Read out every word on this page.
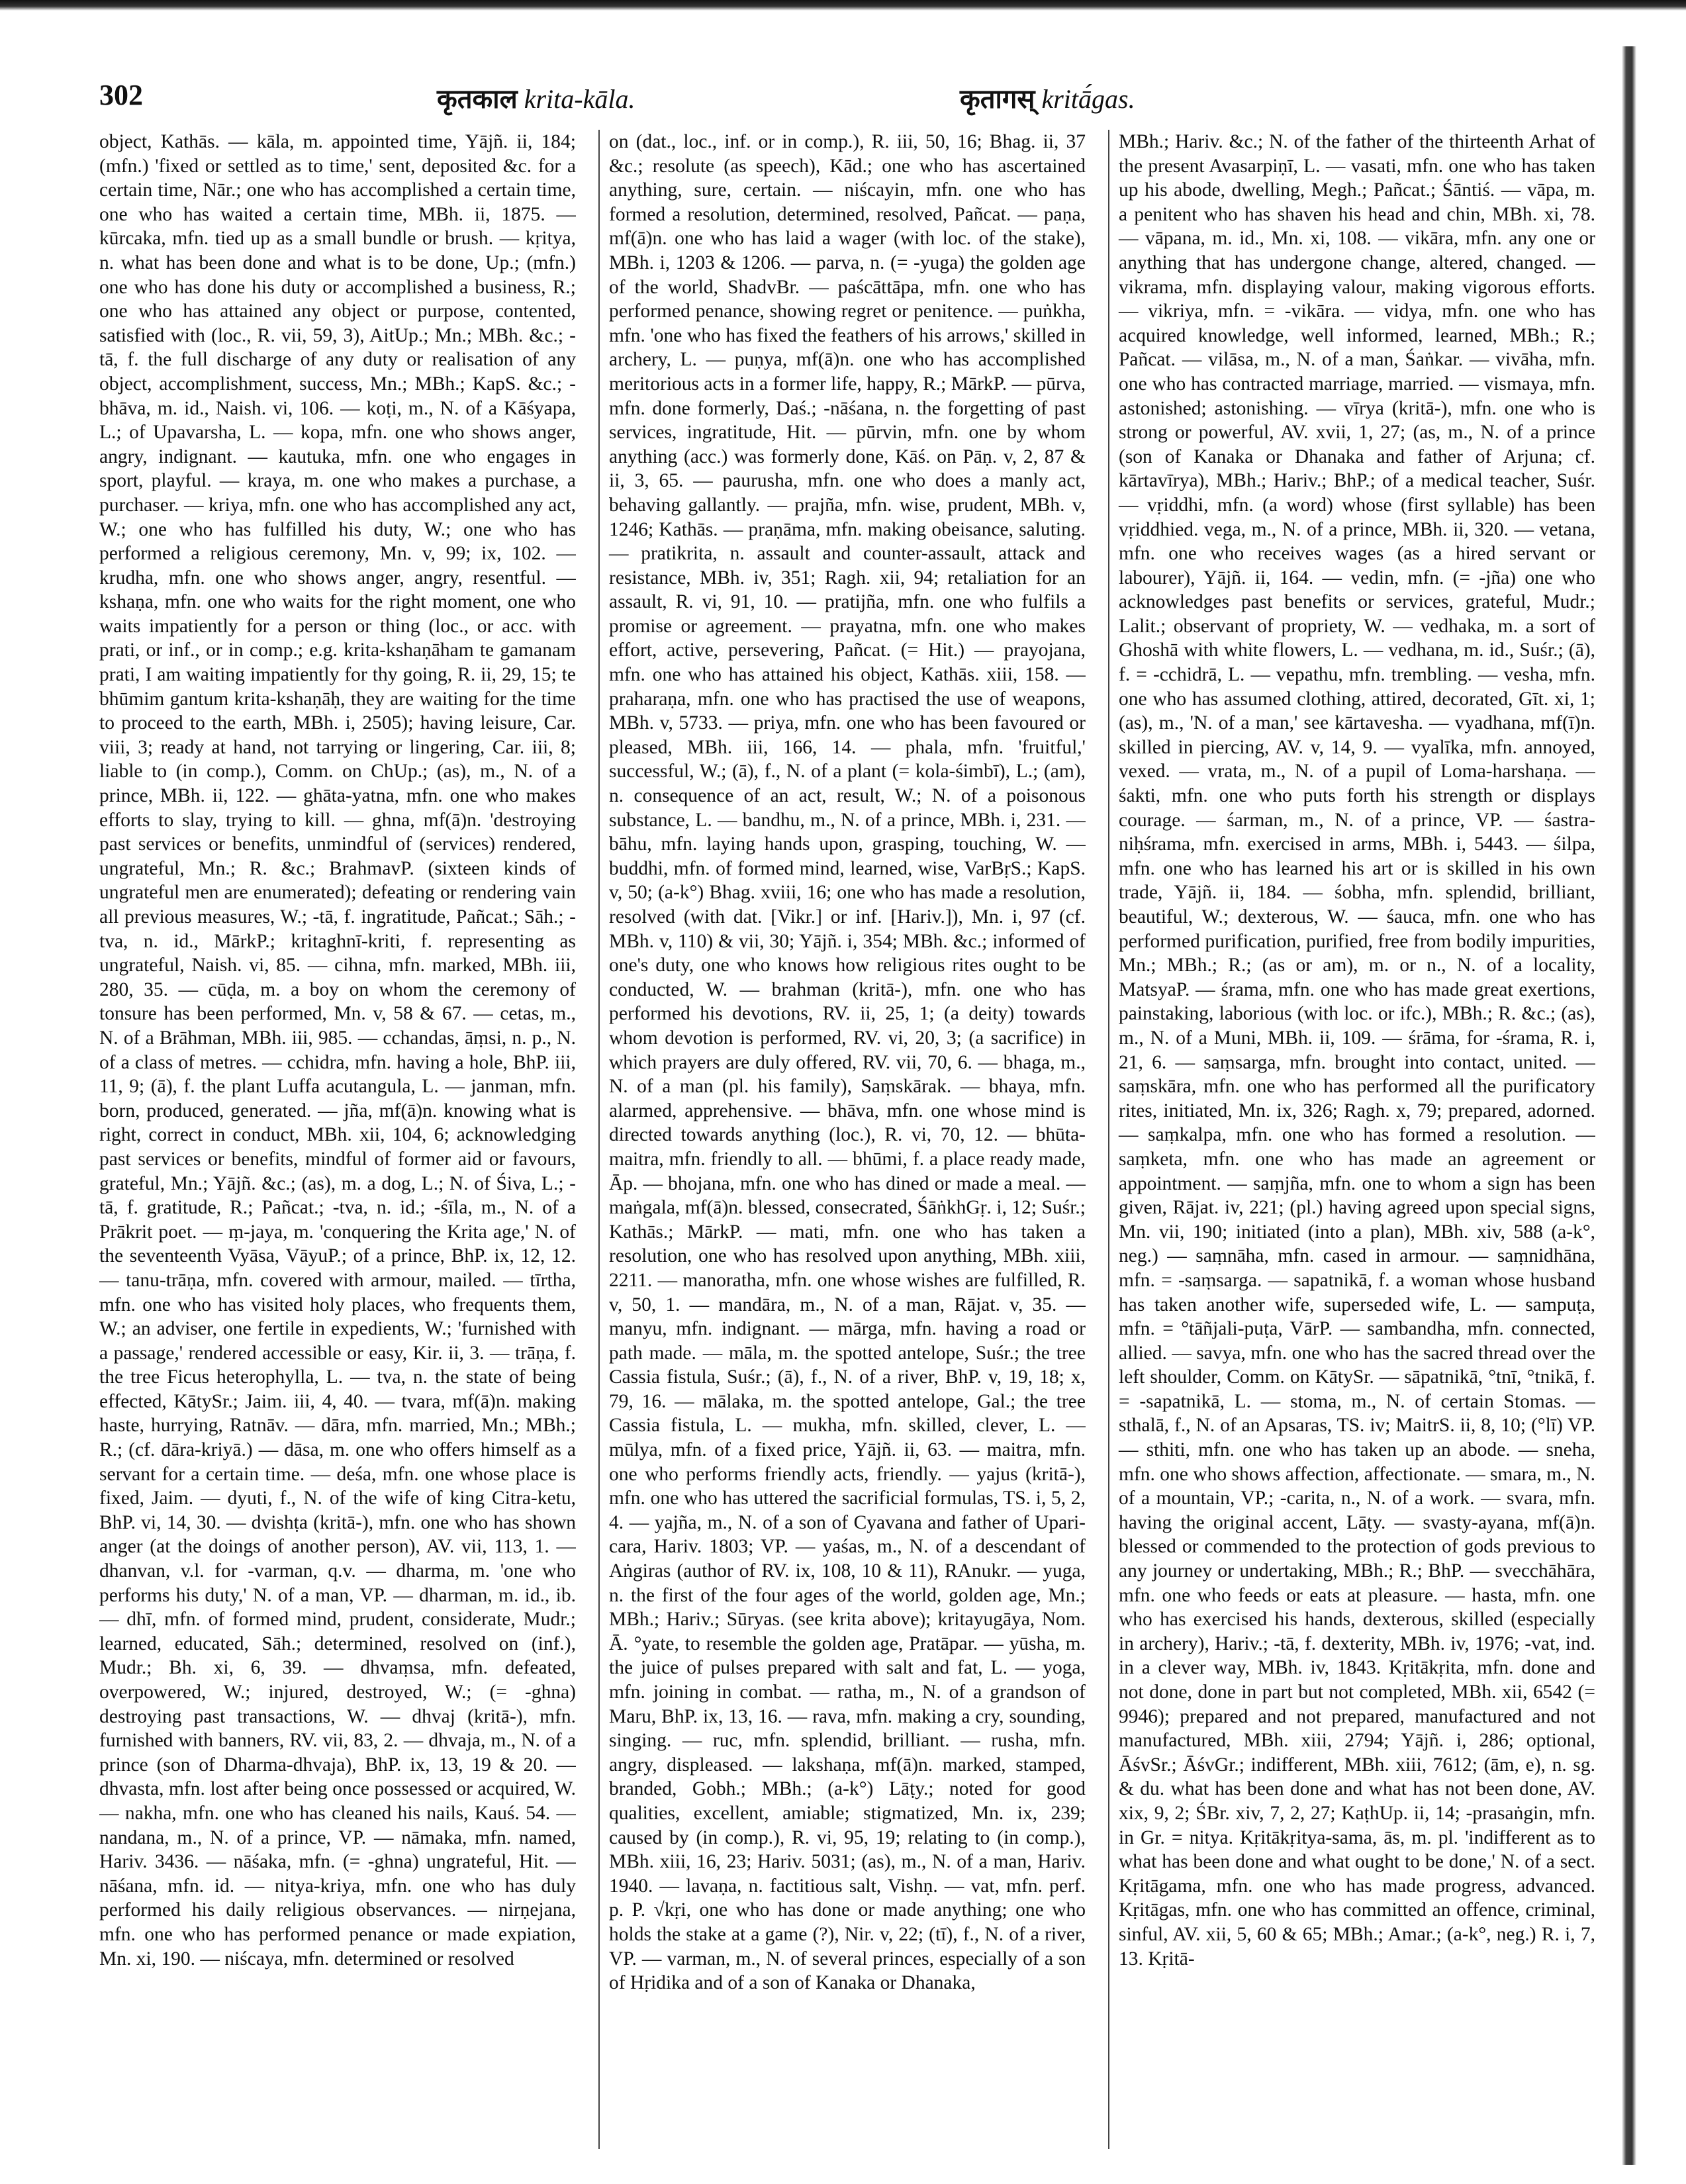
302	कृतकाल krita-kāla.	कृतागस् kritā́gas.

object, Kathās. — kāla, m. appointed time, Yājñ. ii, 184; (mfn.) 'fixed or settled as to time,' sent, deposited &c. for a certain time, Nār.; one who has accomplished a certain time, one who has waited a certain time, MBh. ii, 1875. — kūrcaka, mfn. tied up as a small bundle or brush. — kṛitya, n. what has been done and what is to be done, Up.; (mfn.) one who has done his duty or accomplished a business, R.; one who has attained any object or purpose, contented, satisfied with (loc., R. vii, 59, 3), AitUp.; Mn.; MBh. &c.; -tā, f. the full discharge of any duty or realisation of any object, accomplishment, success, Mn.; MBh.; KapS. &c.; -bhāva, m. id., Naish. vi, 106. — koṭi, m., N. of a Kāśyapa, L.; of Upavarsha, L. — kopa, mfn. one who shows anger, angry, indignant. — kautuka, mfn. one who engages in sport, playful. — kraya, m. one who makes a purchase, a purchaser. — kriya, mfn. one who has accomplished any act, W.; one who has fulfilled his duty, W.; one who has performed a religious ceremony, Mn. v, 99; ix, 102. — krudha, mfn. one who shows anger, angry, resentful. — kshaṇa, mfn. one who waits for the right moment, one who waits impatiently for a person or thing (loc., or acc. with prati, or inf., or in comp.; e.g. krita-kshaṇāham te gamanam prati, I am waiting impatiently for thy going, R. ii, 29, 15; te bhūmim gantum krita-kshaṇāḥ, they are waiting for the time to proceed to the earth, MBh. i, 2505); having leisure, Car. viii, 3; ready at hand, not tarrying or lingering, Car. iii, 8; liable to (in comp.), Comm. on ChUp.; (as), m., N. of a prince, MBh. ii, 122. — ghāta-yatna, mfn. one who makes efforts to slay, trying to kill. — ghna, mf(ā)n. 'destroying past services or benefits, unmindful of (services) rendered, ungrateful, Mn.; R. &c.; BrahmavP. (sixteen kinds of ungrateful men are enumerated); defeating or rendering vain all previous measures, W.; -tā, f. ingratitude, Pañcat.; Sāh.; -tva, n. id., MārkP.; kritaghnī-kriti, f. representing as ungrateful, Naish. vi, 85. — cihna, mfn. marked, MBh. iii, 280, 35. — cūḍa, m. a boy on whom the ceremony of tonsure has been performed, Mn. v, 58 & 67. — cetas, m., N. of a Brāhman, MBh. iii, 985. — cchandas, āṃsi, n. p., N. of a class of metres. — cchidra, mfn. having a hole, BhP. iii, 11, 9; (ā), f. the plant Luffa acutangula, L. — janman, mfn. born, produced, generated. — jña, mf(ā)n. knowing what is right, correct in conduct, MBh. xii, 104, 6; acknowledging past services or benefits, mindful of former aid or favours, grateful, Mn.; Yājñ. &c.; (as), m. a dog, L.; N. of Śiva, L.; -tā, f. gratitude, R.; Pañcat.; -tva, n. id.; -śīla, m., N. of a Prākrit poet. — ṃ-jaya, m. 'conquering the Krita age,' N. of the seventeenth Vyāsa, VāyuP.; of a prince, BhP. ix, 12, 12. — tanu-trāṇa, mfn. covered with armour, mailed. — tīrtha, mfn. one who has visited holy places, who frequents them, W.; an adviser, one fertile in expedients, W.; 'furnished with a passage,' rendered accessible or easy, Kir. ii, 3. — trāṇa, f. the tree Ficus heterophylla, L. — tva, n. the state of being effected, KātySr.; Jaim. iii, 4, 40. — tvara, mf(ā)n. making haste, hurrying, Ratnāv. — dāra, mfn. married, Mn.; MBh.; R.; (cf. dāra-kriyā.) — dāsa, m. one who offers himself as a servant for a certain time. — deśa, mfn. one whose place is fixed, Jaim. — dyuti, f., N. of the wife of king Citra-ketu, BhP. vi, 14, 30. — dvishṭa (kritā-), mfn. one who has shown anger (at the doings of another person), AV. vii, 113, 1. — dhanvan, v.l. for -varman, q.v. — dharma, m. 'one who performs his duty,' N. of a man, VP. — dharman, m. id., ib. — dhī, mfn. of formed mind, prudent, considerate, Mudr.; learned, educated, Sāh.; determined, resolved on (inf.), Mudr.; Bh. xi, 6, 39. — dhvaṃsa, mfn. defeated, overpowered, W.; injured, destroyed, W.; (= -ghna) destroying past transactions, W. — dhvaj (kritā-), mfn. furnished with banners, RV. vii, 83, 2. — dhvaja, m., N. of a prince (son of Dharma-dhvaja), BhP. ix, 13, 19 & 20. — dhvasta, mfn. lost after being once possessed or acquired, W. — nakha, mfn. one who has cleaned his nails, Kauś. 54. — nandana, m., N. of a prince, VP. — nāmaka, mfn. named, Hariv. 3436. — nāśaka, mfn. (= -ghna) ungrateful, Hit. — nāśana, mfn. id. — nitya-kriya, mfn. one who has duly performed his daily religious observances. — nirṇejana, mfn. one who has performed penance or made expiation, Mn. xi, 190. — niścaya, mfn. determined or resolved

on (dat., loc., inf. or in comp.), R. iii, 50, 16; Bhag. ii, 37 &c.; resolute (as speech), Kād.; one who has ascertained anything, sure, certain. — niścayin, mfn. one who has formed a resolution, determined, resolved, Pañcat. — paṇa, mf(ā)n. one who has laid a wager (with loc. of the stake), MBh. i, 1203 & 1206. — parva, n. (= -yuga) the golden age of the world, ShadvBr. — paścāttāpa, mfn. one who has performed penance, showing regret or penitence. — puṅkha, mfn. 'one who has fixed the feathers of his arrows,' skilled in archery, L. — puṇya, mf(ā)n. one who has accomplished meritorious acts in a former life, happy, R.; MārkP. — pūrva, mfn. done formerly, Daś.; -nāśana, n. the forgetting of past services, ingratitude, Hit. — pūrvin, mfn. one by whom anything (acc.) was formerly done, Kāś. on Pāṇ. v, 2, 87 & ii, 3, 65. — paurusha, mfn. one who does a manly act, behaving gallantly. — prajña, mfn. wise, prudent, MBh. v, 1246; Kathās. — praṇāma, mfn. making obeisance, saluting. — pratikrita, n. assault and counter-assault, attack and resistance, MBh. iv, 351; Ragh. xii, 94; retaliation for an assault, R. vi, 91, 10. — pratijña, mfn. one who fulfils a promise or agreement. — prayatna, mfn. one who makes effort, active, persevering, Pañcat. (= Hit.) — prayojana, mfn. one who has attained his object, Kathās. xiii, 158. — praharaṇa, mfn. one who has practised the use of weapons, MBh. v, 5733. — priya, mfn. one who has been favoured or pleased, MBh. iii, 166, 14. — phala, mfn. 'fruitful,' successful, W.; (ā), f., N. of a plant (= kola-śimbī), L.; (am), n. consequence of an act, result, W.; N. of a poisonous substance, L. — bandhu, m., N. of a prince, MBh. i, 231. — bāhu, mfn. laying hands upon, grasping, touching, W. — buddhi, mfn. of formed mind, learned, wise, VarBṛS.; KapS. v, 50; (a-k°) Bhag. xviii, 16; one who has made a resolution, resolved (with dat. [Vikr.] or inf. [Hariv.]), Mn. i, 97 (cf. MBh. v, 110) & vii, 30; Yājñ. i, 354; MBh. &c.; informed of one's duty, one who knows how religious rites ought to be conducted, W. — brahman (kritā-), mfn. one who has performed his devotions, RV. ii, 25, 1; (a deity) towards whom devotion is performed, RV. vi, 20, 3; (a sacrifice) in which prayers are duly offered, RV. vii, 70, 6. — bhaga, m., N. of a man (pl. his family), Saṃskārak. — bhaya, mfn. alarmed, apprehensive. — bhāva, mfn. one whose mind is directed towards anything (loc.), R. vi, 70, 12. — bhūta-maitra, mfn. friendly to all. — bhūmi, f. a place ready made, Āp. — bhojana, mfn. one who has dined or made a meal. — maṅgala, mf(ā)n. blessed, consecrated, ŚāṅkhGṛ. i, 12; Suśr.; Kathās.; MārkP. — mati, mfn. one who has taken a resolution, one who has resolved upon anything, MBh. xiii, 2211. — manoratha, mfn. one whose wishes are fulfilled, R. v, 50, 1. — mandāra, m., N. of a man, Rājat. v, 35. — manyu, mfn. indignant. — mārga, mfn. having a road or path made. — māla, m. the spotted antelope, Suśr.; the tree Cassia fistula, Suśr.; (ā), f., N. of a river, BhP. v, 19, 18; x, 79, 16. — mālaka, m. the spotted antelope, Gal.; the tree Cassia fistula, L. — mukha, mfn. skilled, clever, L. — mūlya, mfn. of a fixed price, Yājñ. ii, 63. — maitra, mfn. one who performs friendly acts, friendly. — yajus (kritā-), mfn. one who has uttered the sacrificial formulas, TS. i, 5, 2, 4. — yajña, m., N. of a son of Cyavana and father of Upari-cara, Hariv. 1803; VP. — yaśas, m., N. of a descendant of Aṅgiras (author of RV. ix, 108, 10 & 11), RAnukr. — yuga, n. the first of the four ages of the world, golden age, Mn.; MBh.; Hariv.; Sūryas. (see krita above); kritayugāya, Nom. Ā. °yate, to resemble the golden age, Pratāpar. — yūsha, m. the juice of pulses prepared with salt and fat, L. — yoga, mfn. joining in combat. — ratha, m., N. of a grandson of Maru, BhP. ix, 13, 16. — rava, mfn. making a cry, sounding, singing. — ruc, mfn. splendid, brilliant. — rusha, mfn. angry, displeased. — lakshaṇa, mf(ā)n. marked, stamped, branded, Gobh.; MBh.; (a-k°) Lāṭy.; noted for good qualities, excellent, amiable; stigmatized, Mn. ix, 239; caused by (in comp.), R. vi, 95, 19; relating to (in comp.), MBh. xiii, 16, 23; Hariv. 5031; (as), m., N. of a man, Hariv. 1940. — lavaṇa, n. factitious salt, Vishṇ. — vat, mfn. perf. p. P. √kṛi, one who has done or made anything; one who holds the stake at a game (?), Nir. v, 22; (tī), f., N. of a river, VP. — varman, m., N. of several princes, especially of a son of Hṛidika and of a son of Kanaka or Dhanaka,

MBh.; Hariv. &c.; N. of the father of the thirteenth Arhat of the present Avasarpiṇī, L. — vasati, mfn. one who has taken up his abode, dwelling, Megh.; Pañcat.; Śāntiś. — vāpa, m. a penitent who has shaven his head and chin, MBh. xi, 78. — vāpana, m. id., Mn. xi, 108. — vikāra, mfn. any one or anything that has undergone change, altered, changed. — vikrama, mfn. displaying valour, making vigorous efforts. — vikriya, mfn. = -vikāra. — vidya, mfn. one who has acquired knowledge, well informed, learned, MBh.; R.; Pañcat. — vilāsa, m., N. of a man, Śaṅkar. — vivāha, mfn. one who has contracted marriage, married. — vismaya, mfn. astonished; astonishing. — vīrya (kritā-), mfn. one who is strong or powerful, AV. xvii, 1, 27; (as, m., N. of a prince (son of Kanaka or Dhanaka and father of Arjuna; cf. kārtavīrya), MBh.; Hariv.; BhP.; of a medical teacher, Suśr. — vṛiddhi, mfn. (a word) whose (first syllable) has been vṛiddhied. vega, m., N. of a prince, MBh. ii, 320. — vetana, mfn. one who receives wages (as a hired servant or labourer), Yājñ. ii, 164. — vedin, mfn. (= -jña) one who acknowledges past benefits or services, grateful, Mudr.; Lalit.; observant of propriety, W. — vedhaka, m. a sort of Ghoshā with white flowers, L. — vedhana, m. id., Suśr.; (ā), f. = -cchidrā, L. — vepathu, mfn. trembling. — vesha, mfn. one who has assumed clothing, attired, decorated, Gīt. xi, 1; (as), m., 'N. of a man,' see kārtavesha. — vyadhana, mf(ī)n. skilled in piercing, AV. v, 14, 9. — vyalīka, mfn. annoyed, vexed. — vrata, m., N. of a pupil of Loma-harshaṇa. — śakti, mfn. one who puts forth his strength or displays courage. — śarman, m., N. of a prince, VP. — śastra-niḥśrama, mfn. exercised in arms, MBh. i, 5443. — śilpa, mfn. one who has learned his art or is skilled in his own trade, Yājñ. ii, 184. — śobha, mfn. splendid, brilliant, beautiful, W.; dexterous, W. — śauca, mfn. one who has performed purification, purified, free from bodily impurities, Mn.; MBh.; R.; (as or am), m. or n., N. of a locality, MatsyaP. — śrama, mfn. one who has made great exertions, painstaking, laborious (with loc. or ifc.), MBh.; R. &c.; (as), m., N. of a Muni, MBh. ii, 109. — śrāma, for -śrama, R. i, 21, 6. — saṃsarga, mfn. brought into contact, united. — saṃskāra, mfn. one who has performed all the purificatory rites, initiated, Mn. ix, 326; Ragh. x, 79; prepared, adorned. — saṃkalpa, mfn. one who has formed a resolution. — saṃketa, mfn. one who has made an agreement or appointment. — saṃjña, mfn. one to whom a sign has been given, Rājat. iv, 221; (pl.) having agreed upon special signs, Mn. vii, 190; initiated (into a plan), MBh. xiv, 588 (a-k°, neg.) — saṃnāha, mfn. cased in armour. — saṃnidhāna, mfn. = -saṃsarga. — sapatnikā, f. a woman whose husband has taken another wife, superseded wife, L. — sampuṭa, mfn. = °tāñjali-puṭa, VārP. — sambandha, mfn. connected, allied. — savya, mfn. one who has the sacred thread over the left shoulder, Comm. on KātySr. — sāpatnikā, °tnī, °tnikā, f. = -sapatnikā, L. — stoma, m., N. of certain Stomas. — sthalā, f., N. of an Apsaras, TS. iv; MaitrS. ii, 8, 10; (°lī) VP. — sthiti, mfn. one who has taken up an abode. — sneha, mfn. one who shows affection, affectionate. — smara, m., N. of a mountain, VP.; -carita, n., N. of a work. — svara, mfn. having the original accent, Lāṭy. — svasty-ayana, mf(ā)n. blessed or commended to the protection of gods previous to any journey or undertaking, MBh.; R.; BhP. — svecchāhāra, mfn. one who feeds or eats at pleasure. — hasta, mfn. one who has exercised his hands, dexterous, skilled (especially in archery), Hariv.; -tā, f. dexterity, MBh. iv, 1976; -vat, ind. in a clever way, MBh. iv, 1843. Kṛitākṛita, mfn. done and not done, done in part but not completed, MBh. xii, 6542 (= 9946); prepared and not prepared, manufactured and not manufactured, MBh. xiii, 2794; Yājñ. i, 286; optional, ĀśvSr.; ĀśvGr.; indifferent, MBh. xiii, 7612; (ām, e), n. sg. & du. what has been done and what has not been done, AV. xix, 9, 2; ŚBr. xiv, 7, 2, 27; KaṭhUp. ii, 14; -prasaṅgin, mfn. in Gr. = nitya. Kṛitākṛitya-sama, ās, m. pl. 'indifferent as to what has been done and what ought to be done,' N. of a sect. Kṛitāgama, mfn. one who has made progress, advanced. Kṛitāgas, mfn. one who has committed an offence, criminal, sinful, AV. xii, 5, 60 & 65; MBh.; Amar.; (a-k°, neg.) R. i, 7, 13. Kṛitā-
